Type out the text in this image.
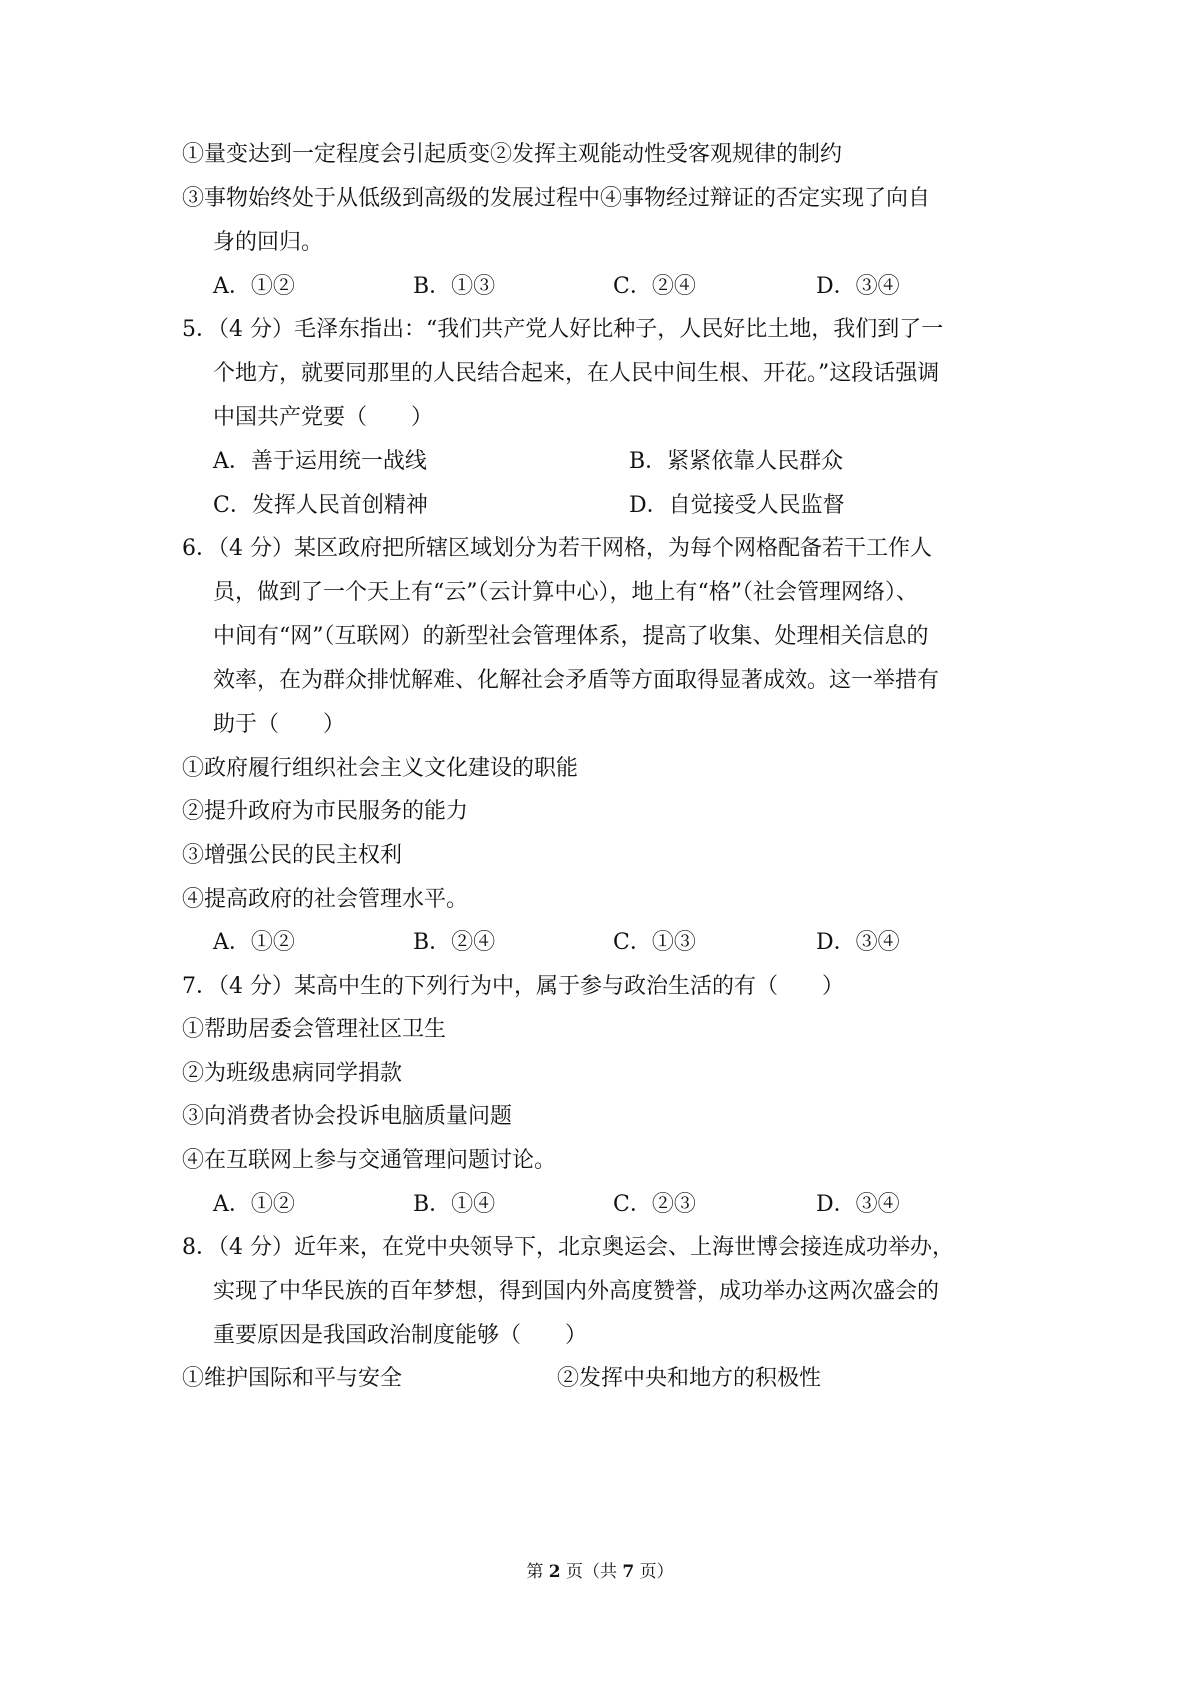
①量变达到一定程度会引起质变②发挥主观能动性受客观规律的制约
③事物始终处于从低级到高级的发展过程中④事物经过辩证的否定实现了向自
身的回归。
A．①②	B．①③	C．②④	D．③④
5．（4 分）毛泽东指出：“我们共产党人好比种子，人民好比土地，我们到了一
个地方，就要同那里的人民结合起来，在人民中间生根、开花。”这段话强调
中国共产党要（　　）
A．善于运用统一战线	B．紧紧依靠人民群众
C．发挥人民首创精神	D．自觉接受人民监督
6．（4 分）某区政府把所辖区域划分为若干网格，为每个网格配备若干工作人
员，做到了一个天上有“云”（云计算中心），地上有“格”（社会管理网络）、
中间有“网”（互联网）的新型社会管理体系，提高了收集、处理相关信息的
效率，在为群众排忧解难、化解社会矛盾等方面取得显著成效。这一举措有
助于（　　）
①政府履行组织社会主义文化建设的职能
②提升政府为市民服务的能力
③增强公民的民主权利
④提高政府的社会管理水平。
A．①②	B．②④	C．①③	D．③④
7．（4 分）某高中生的下列行为中，属于参与政治生活的有（　　）
①帮助居委会管理社区卫生
②为班级患病同学捐款
③向消费者协会投诉电脑质量问题
④在互联网上参与交通管理问题讨论。
A．①②	B．①④	C．②③	D．③④
8．（4 分）近年来，在党中央领导下，北京奥运会、上海世博会接连成功举办，
实现了中华民族的百年梦想，得到国内外高度赞誉，成功举办这两次盛会的
重要原因是我国政治制度能够（　　）
①维护国际和平与安全	②发挥中央和地方的积极性
第 2 页（共 7 页）
